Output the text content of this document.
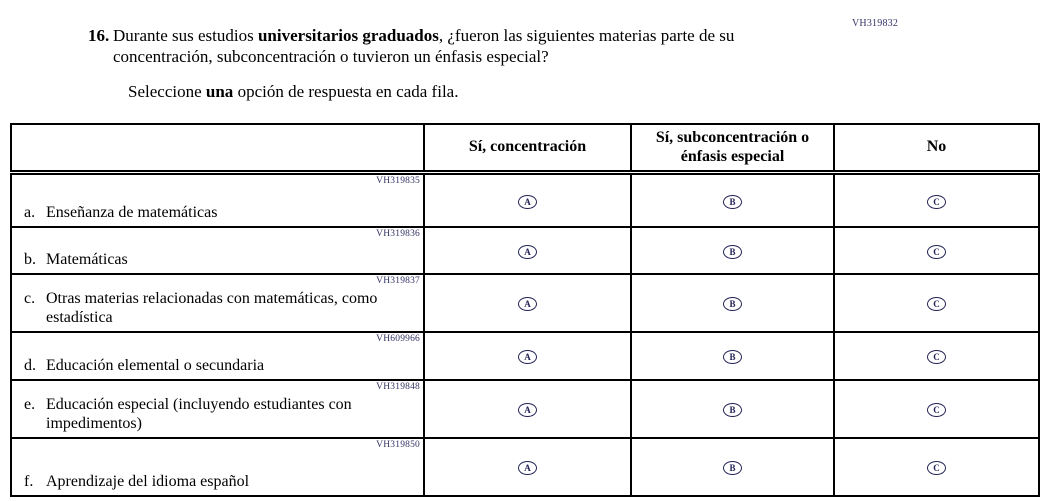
VH319832
16. Durante sus estudios universitarios graduados, ¿fueron las siguientes materias parte de su concentración, subconcentración o tuvieron un énfasis especial?
Seleccione una opción de respuesta en cada fila.
	Sí, concentración	Sí, subconcentración o énfasis especial	No

VH319835
a. Enseñanza de matemáticas	A	B	C

VH319836
b. Matemáticas	A	B	C

VH319837
c. Otras materias relacionadas con matemáticas, como estadística	A	B	C

VH609966
d. Educación elemental o secundaria	A	B	C

VH319848
e. Educación especial (incluyendo estudiantes con impedimentos)	A	B	C

VH319850
f. Aprendizaje del idioma español	A	B	C
